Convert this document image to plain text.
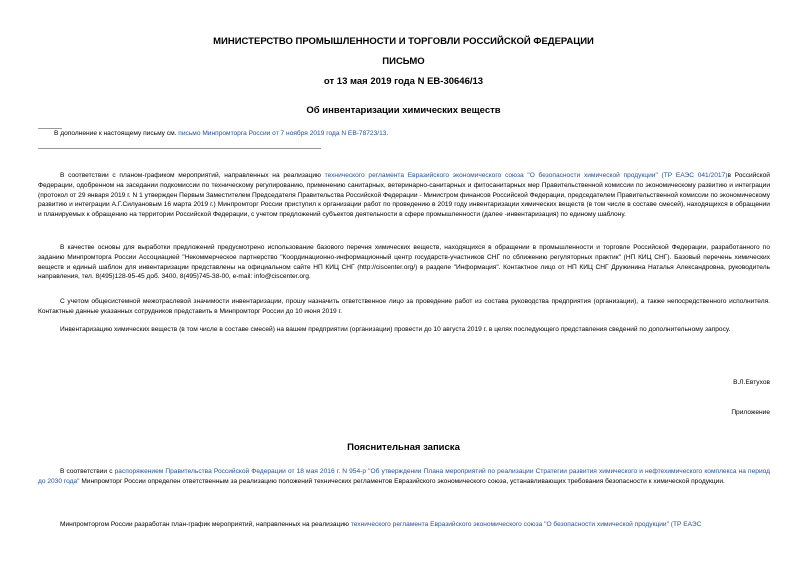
МИНИСТЕРСТВО ПРОМЫШЛЕННОСТИ И ТОРГОВЛИ РОССИЙСКОЙ ФЕДЕРАЦИИ
ПИСЬМО
от 13 мая 2019 года N ЕВ-30646/13
Об инвентаризации химических веществ
В дополнение к настоящему письму см. письмо Минпромторга России от 7 ноября 2019 года N ЕВ-78723/13.
В соответствии с планом-графиком мероприятий, направленных на реализацию технического регламента Евразийского экономического союза "О безопасности химической продукции" (ТР ЕАЭС 041/2017)в Российской Федерации, одобренном на заседании подкомиссии по техническому регулированию, применению санитарных, ветеринарно-санитарных и фитосанитарных мер Правительственной комиссии по экономическому развитию и интеграции (протокол от 29 января 2019 г. N 1 утвержден Первым Заместителем Председателя Правительства Российской Федерации - Министром финансов Российской Федерации, председателем Правительственной комиссии по экономическому развитию и интеграции А.Г.Силуановым 16 марта 2019 г.) Минпромторг России приступил к организации работ по проведению в 2019 году инвентаризации химических веществ (в том числе в составе смесей), находящихся в обращении и планируемых к обращению на территории Российской Федерации, с учетом предложений субъектов деятельности в сфере промышленности (далее -инвентаризация) по единому шаблону.
В качестве основы для выработки предложений предусмотрено использование базового перечня химических веществ, находящихся в обращении в промышленности и торговле Российской Федерации, разработанного по заданию Минпромторга России Ассоциацией "Некоммерческое партнерство "Координационно-информационный центр государств-участников СНГ по сближению регуляторных практик" (НП КИЦ СНГ). Базовый перечень химических веществ и единый шаблон для инвентаризации представлены на официальном сайте НП КИЦ СНГ (http://ciscenter.org/) в разделе "Информация". Контактное лицо от НП КИЦ СНГ Дружинина Наталья Александровна, руководитель направления, тел. 8(495)128-95-45 доб. 3400, 8(495)745-38-00, e-mail: info@ciscenter.org.
С учетом общесистемной межотраслевой значимости инвентаризации, прошу назначить ответственное лицо за проведение работ из состава руководства предприятия (организации), а также непосредственного исполнителя. Контактные данные указанных сотрудников представить в Минпромторг России до 10 июня 2019 г.
Инвентаризацию химических веществ (в том числе в составе смесей) на вашем предприятии (организации) провести до 10 августа 2019 г. в целях последующего представления сведений по дополнительному запросу.
В.Л.Евтухов
Приложение
Пояснительная записка
В соответствии с распоряжением Правительства Российской Федерации от 18 мая 2016 г. N 954-р "Об утверждении Плана мероприятий по реализации Стратегии развития химического и нефтехимического комплекса на период до 2030 года" Минпромторг России определен ответственным за реализацию положений технических регламентов Евразийского экономического союза, устанавливающих требования безопасности к химической продукции.
Минпромторгом России разработан план-график мероприятий, направленных на реализацию технического регламента Евразийского экономического союза "О безопасности химической продукции" (ТР ЕАЭС
